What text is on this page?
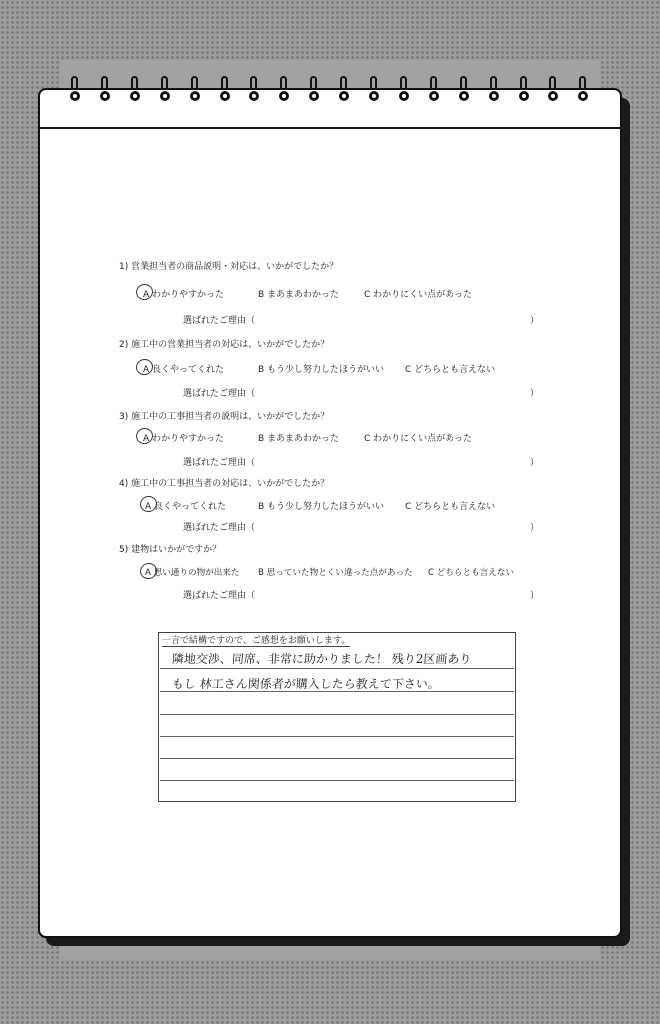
1) 営業担当者の商品説明・対応は、いかがでしたか？
A わかりやすかった	B まあまあわかった	C わかりにくい点があった
選ばれたご理由（	）
2) 施工中の営業担当者の対応は、いかがでしたか？
A 良くやってくれた	B もう少し努力したほうがいい C どちらとも言えない
選ばれたご理由（	）
3) 施工中の工事担当者の説明は、いかがでしたか？
A わかりやすかった	B まあまあわかった	C わかりにくい点があった
選ばれたご理由（	）
4) 施工中の工事担当者の対応は、いかがでしたか？
A 良くやってくれた	B もう少し努力したほうがいい C どちらとも言えない
選ばれたご理由（	）
5) 建物はいかがですか？
A 思い通りの物が出来た B 思っていた物とくい違った点があった C どちらとも言えない
選ばれたご理由（	）
一言で結構ですので、ご感想をお願いします。
隣地交渉、同席、非常に助かりました！ 残り2区画あり
もし 林工さん関係者が購入したら教えて下さい。
